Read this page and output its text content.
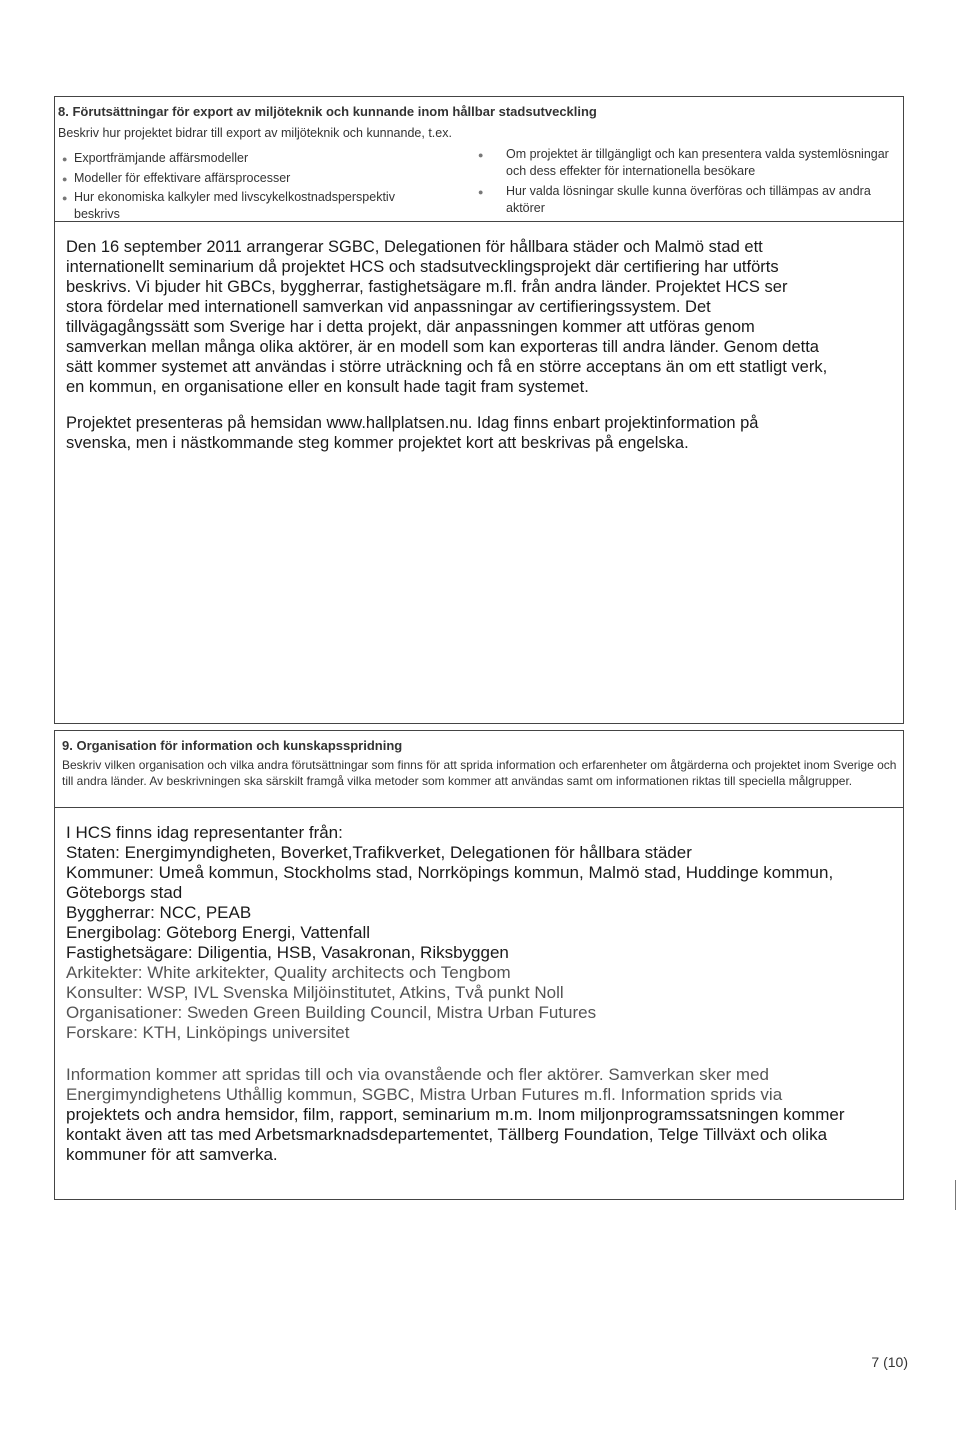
8. Förutsättningar för export av miljöteknik och kunnande inom hållbar stadsutveckling
Beskriv hur projektet bidrar till export av miljöteknik och kunnande, t.ex.
● Exportfrämjande affärsmodeller
● Modeller för effektivare affärsprocesser
● Hur ekonomiska kalkyler med livscykelkostnadsperspektiv beskrivs
● Om projektet är tillgängligt och kan presentera valda systemlösningar och dess effekter för internationella besökare
● Hur valda lösningar skulle kunna överföras och tillämpas av andra aktörer
Den 16 september 2011 arrangerar SGBC, Delegationen för hållbara städer och Malmö stad ett
internationellt seminarium då projektet HCS och stadsutvecklingsprojekt där certifiering har utförts
beskrivs. Vi bjuder hit GBCs, byggherrar, fastighetsägare m.fl. från andra länder. Projektet HCS ser
stora fördelar med internationell samverkan vid anpassningar av certifieringssystem. Det
tillvägagångssätt som Sverige har i detta projekt, där anpassningen kommer att utföras genom
samverkan mellan många olika aktörer, är en modell som kan exporteras till andra länder. Genom detta
sätt kommer systemet att användas i större uträckning och få en större acceptans än om ett statligt verk,
en kommun, en organisatione eller en konsult hade tagit fram systemet.
Projektet presenteras på hemsidan www.hallplatsen.nu. Idag finns enbart projektinformation på
svenska, men i nästkommande steg kommer projektet kort att beskrivas på engelska.
9. Organisation för information och kunskapsspridning
Beskriv vilken organisation och vilka andra förutsättningar som finns för att sprida information och erfarenheter om åtgärderna och projektet inom Sverige och till andra länder. Av beskrivningen ska särskilt framgå vilka metoder som kommer att användas samt om informationen riktas till speciella målgrupper.
I HCS finns idag representanter från:
Staten: Energimyndigheten, Boverket,Trafikverket, Delegationen för hållbara städer
Kommuner: Umeå kommun, Stockholms stad, Norrköpings kommun, Malmö stad, Huddinge kommun,
Göteborgs stad
Byggherrar: NCC, PEAB
Energibolag: Göteborg Energi, Vattenfall
Fastighetsägare: Diligentia, HSB, Vasakronan, Riksbyggen
Arkitekter: White arkitekter, Quality architects och Tengbom
Konsulter: WSP, IVL Svenska Miljöinstitutet, Atkins, Två punkt Noll
Organisationer: Sweden Green Building Council, Mistra Urban Futures
Forskare: KTH, Linköpings universitet
Information kommer att spridas till och via ovanstående och fler aktörer. Samverkan sker med
Energimyndighetens Uthållig kommun, SGBC, Mistra Urban Futures m.fl. Information sprids via
projektets och andra hemsidor, film, rapport, seminarium m.m. Inom miljonprogramssatsningen kommer
kontakt även att tas med Arbetsmarknadsdepartementet, Tällberg Foundation, Telge Tillväxt och olika
kommuner för att samverka.
7 (10)
